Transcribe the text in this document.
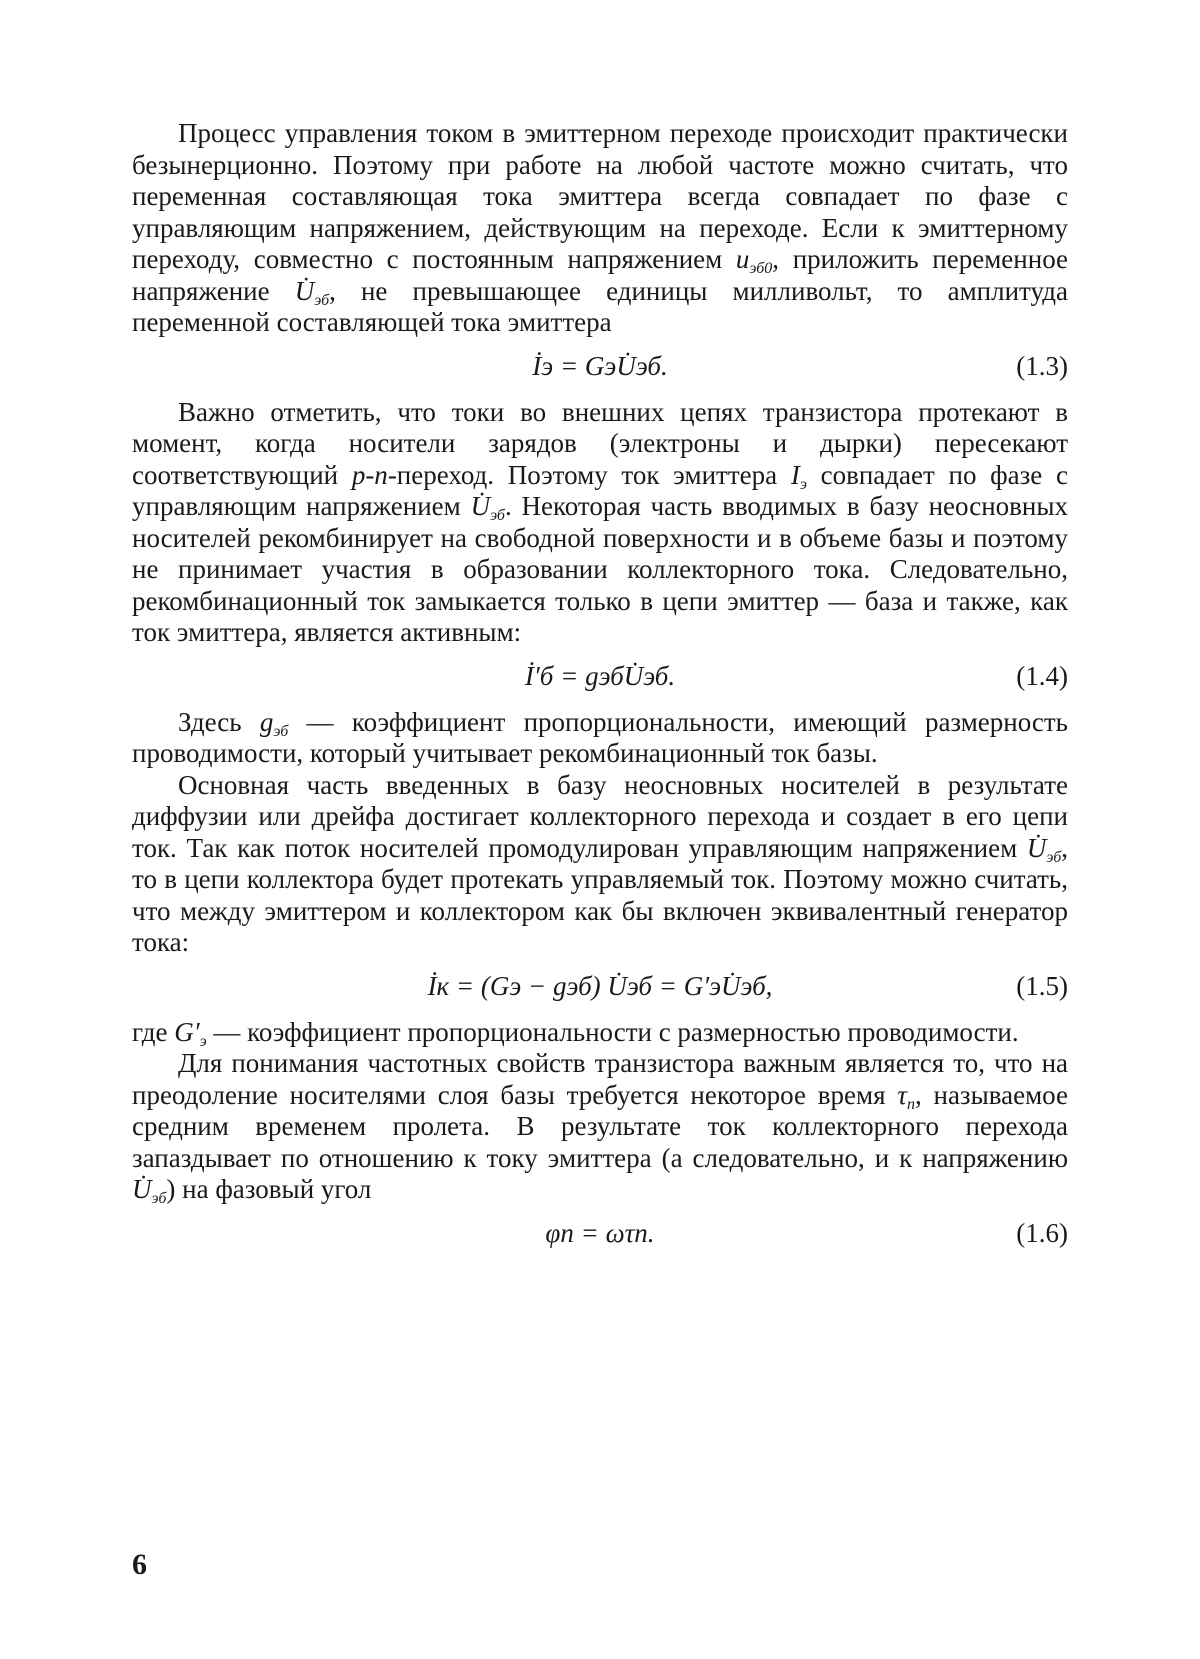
Процесс управления током в эмиттерном переходе происходит практически безынерционно. Поэтому при работе на любой частоте можно считать, что переменная составляющая тока эмиттера всегда совпадает по фазе с управляющим напряжением, действующим на переходе. Если к эмиттерному переходу, совместно с постоянным напряжением uэб0, приложить переменное напряжение U̇эб, не превышающее единицы милливольт, то амплитуда переменной составляющей тока эмиттера

İэ = GэU̇эб.	(1.3)

Важно отметить, что токи во внешних цепях транзистора протекают в момент, когда носители зарядов (электроны и дырки) пересекают соответствующий p-n-переход. Поэтому ток эмиттера Iэ совпадает по фазе с управляющим напряжением U̇эб. Некоторая часть вводимых в базу неосновных носителей рекомбинирует на свободной поверхности и в объеме базы и поэтому не принимает участия в образовании коллекторного тока. Следовательно, рекомбинационный ток замыкается только в цепи эмиттер — база и также, как ток эмиттера, является активным:

İ′б = gэбU̇эб.	(1.4)

Здесь gэб — коэффициент пропорциональности, имеющий размерность проводимости, который учитывает рекомбинационный ток базы.

Основная часть введенных в базу неосновных носителей в результате диффузии или дрейфа достигает коллекторного перехода и создает в его цепи ток. Так как поток носителей промодулирован управляющим напряжением U̇эб, то в цепи коллектора будет протекать управляемый ток. Поэтому можно считать, что между эмиттером и коллектором как бы включен эквивалентный генератор тока:

İк = (Gэ − gэб) U̇эб = G′эU̇эб,	(1.5)

где G′э — коэффициент пропорциональности с размерностью проводимости.

Для понимания частотных свойств транзистора важным является то, что на преодоление носителями слоя базы требуется некоторое время τп, называемое средним временем пролета. В результате ток коллекторного перехода запаздывает по отношению к току эмиттера (а следовательно, и к напряжению U̇эб) на фазовый угол

φп = ωτп.	(1.6)
6
